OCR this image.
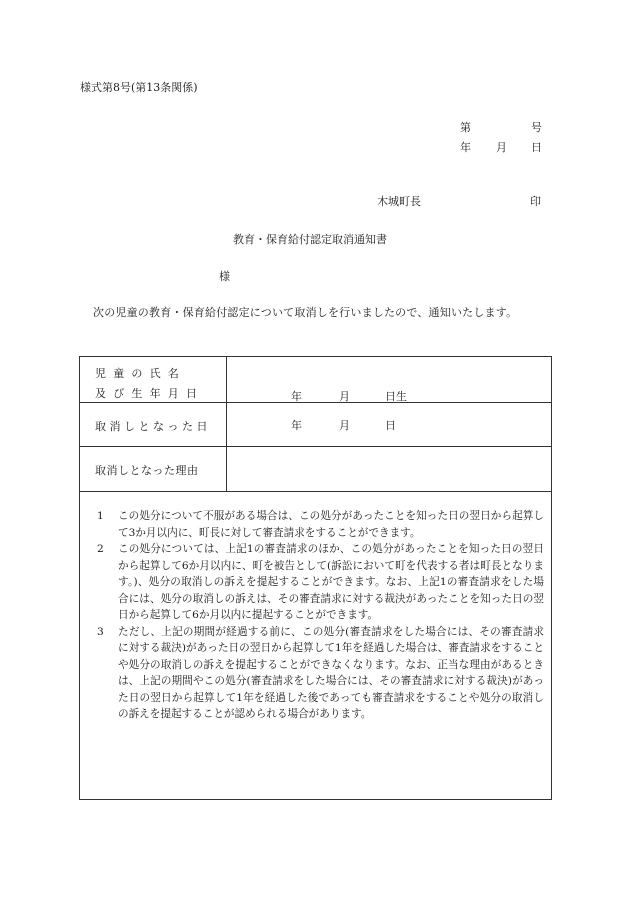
様式第8号(第13条関係)
第	号
年 月 日
木城町長	印
教育・保育給付認定取消通知書
様
次の児童の教育・保育給付認定について取消しを行いましたので、通知いたします。
児童の氏名
及び生年月日	年	月	日生
取消しとなった日	年	月	日
取消しとなった理由
1 この処分について不服がある場合は、この処分があったことを知った日の翌日から起算して3か月以内に、町長に対して審査請求をすることができます。
2 この処分については、上記1の審査請求のほか、この処分があったことを知った日の翌日から起算して6か月以内に、町を被告として(訴訟において町を代表する者は町長となります。)、処分の取消しの訴えを提起することができます。なお、上記1の審査請求をした場合には、処分の取消しの訴えは、その審査請求に対する裁決があったことを知った日の翌日から起算して6か月以内に提起することができます。
3 ただし、上記の期間が経過する前に、この処分(審査請求をした場合には、その審査請求に対する裁決)があった日の翌日から起算して1年を経過した場合は、審査請求をすることや処分の取消しの訴えを提起することができなくなります。なお、正当な理由があるときは、上記の期間やこの処分(審査請求をした場合には、その審査請求に対する裁決)があった日の翌日から起算して1年を経過した後であっても審査請求をすることや処分の取消しの訴えを提起することが認められる場合があります。
